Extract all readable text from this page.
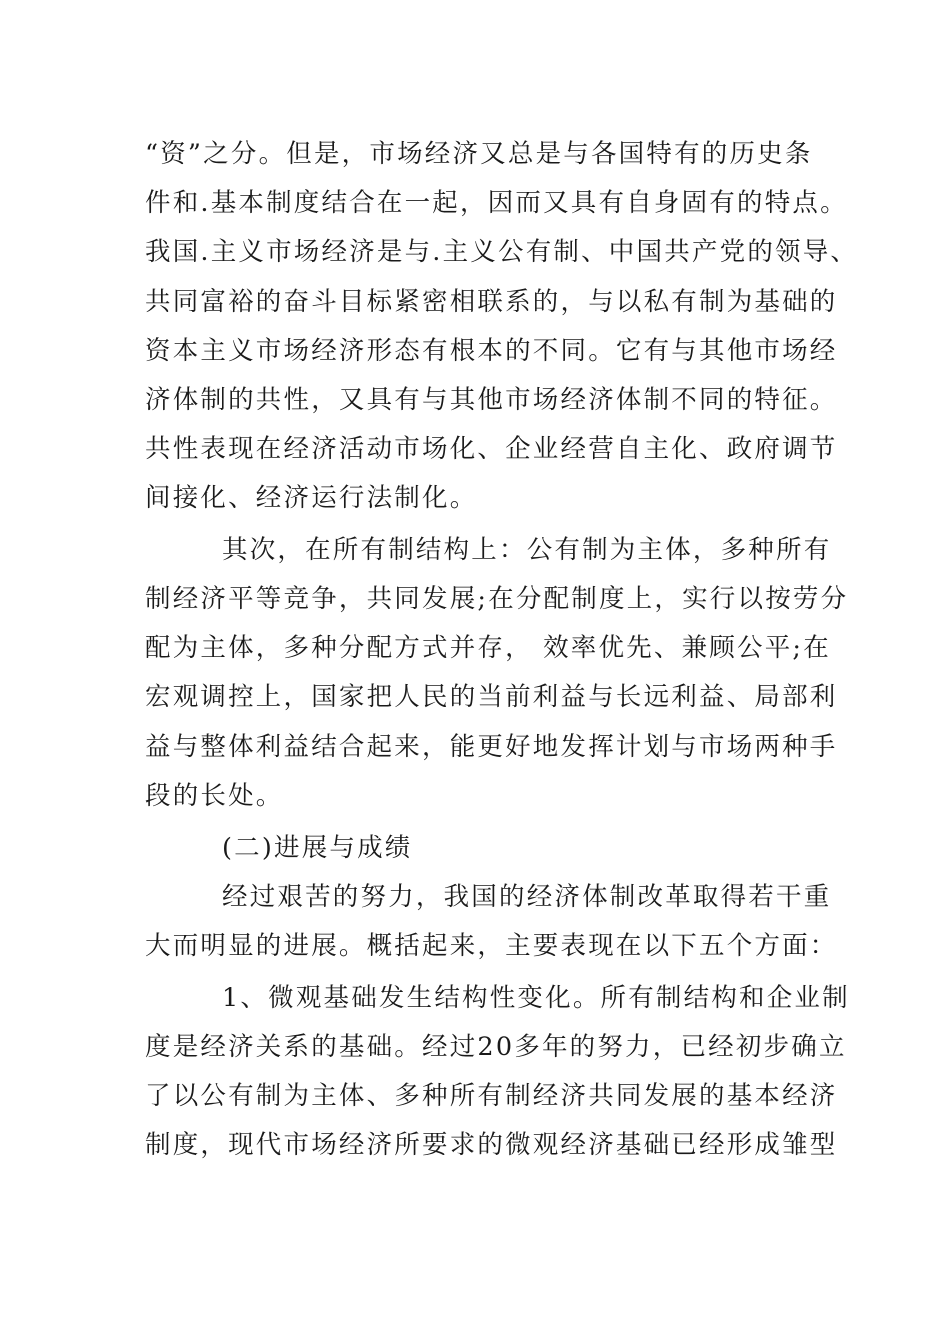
“资”之分。但是，市场经济又总是与各国特有的历史条

件和.基本制度结合在一起，因而又具有自身固有的特点。

我国.主义市场经济是与.主义公有制、中国共产党的领导、

共同富裕的奋斗目标紧密相联系的，与以私有制为基础的

资本主义市场经济形态有根本的不同。它有与其他市场经

济体制的共性，又具有与其他市场经济体制不同的特征。

共性表现在经济活动市场化、企业经营自主化、政府调节

间接化、经济运行法制化。

其次，在所有制结构上：公有制为主体，多种所有

制经济平等竞争，共同发展;在分配制度上，实行以按劳分

配为主体，多种分配方式并存， 效率优先、兼顾公平;在

宏观调控上，国家把人民的当前利益与长远利益、局部利

益与整体利益结合起来，能更好地发挥计划与市场两种手

段的长处。

(二)进展与成绩

经过艰苦的努力，我国的经济体制改革取得若干重

大而明显的进展。概括起来，主要表现在以下五个方面：

1、微观基础发生结构性变化。所有制结构和企业制

度是经济关系的基础。经过20多年的努力，已经初步确立

了以公有制为主体、多种所有制经济共同发展的基本经济

制度，现代市场经济所要求的微观经济基础已经形成雏型
